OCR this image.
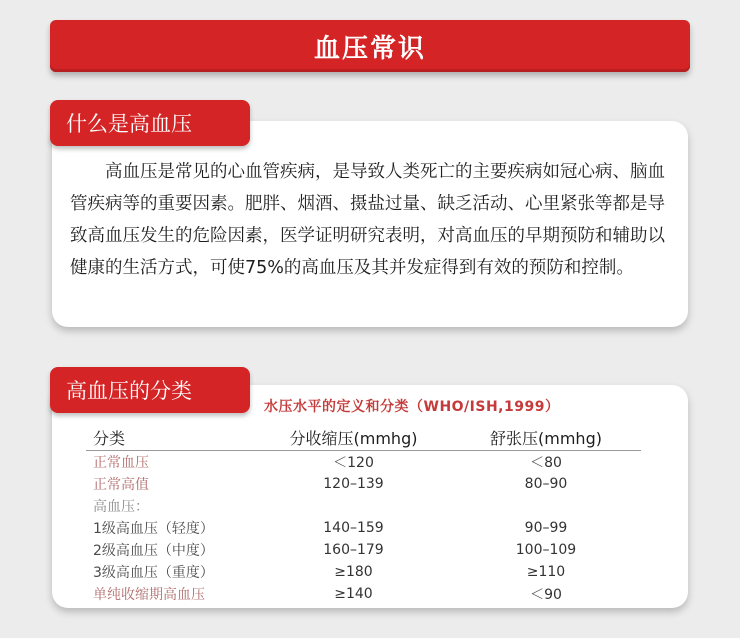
血压常识
什么是高血压

高血压是常见的心血管疾病，是导致人类死亡的主要疾病如冠心病、脑血管疾病等的重要因素。肥胖、烟酒、摄盐过量、缺乏活动、心里紧张等都是导致高血压发生的危险因素，医学证明研究表明，对高血压的早期预防和辅助以健康的生活方式，可使75%的高血压及其并发症得到有效的预防和控制。

高血压的分类
水压水平的定义和分类（WHO/ISH,1999）
分类	分收缩压(mmhg)	舒张压(mmhg)
正常血压	＜120	＜80
正常高值	120–139	80–90
高血压：		
1级高血压（轻度）	140–159	90–99
2级高血压（中度）	160–179	100–109
3级高血压（重度）	≥180	≥110
单纯收缩期高血压	≥140	＜90
